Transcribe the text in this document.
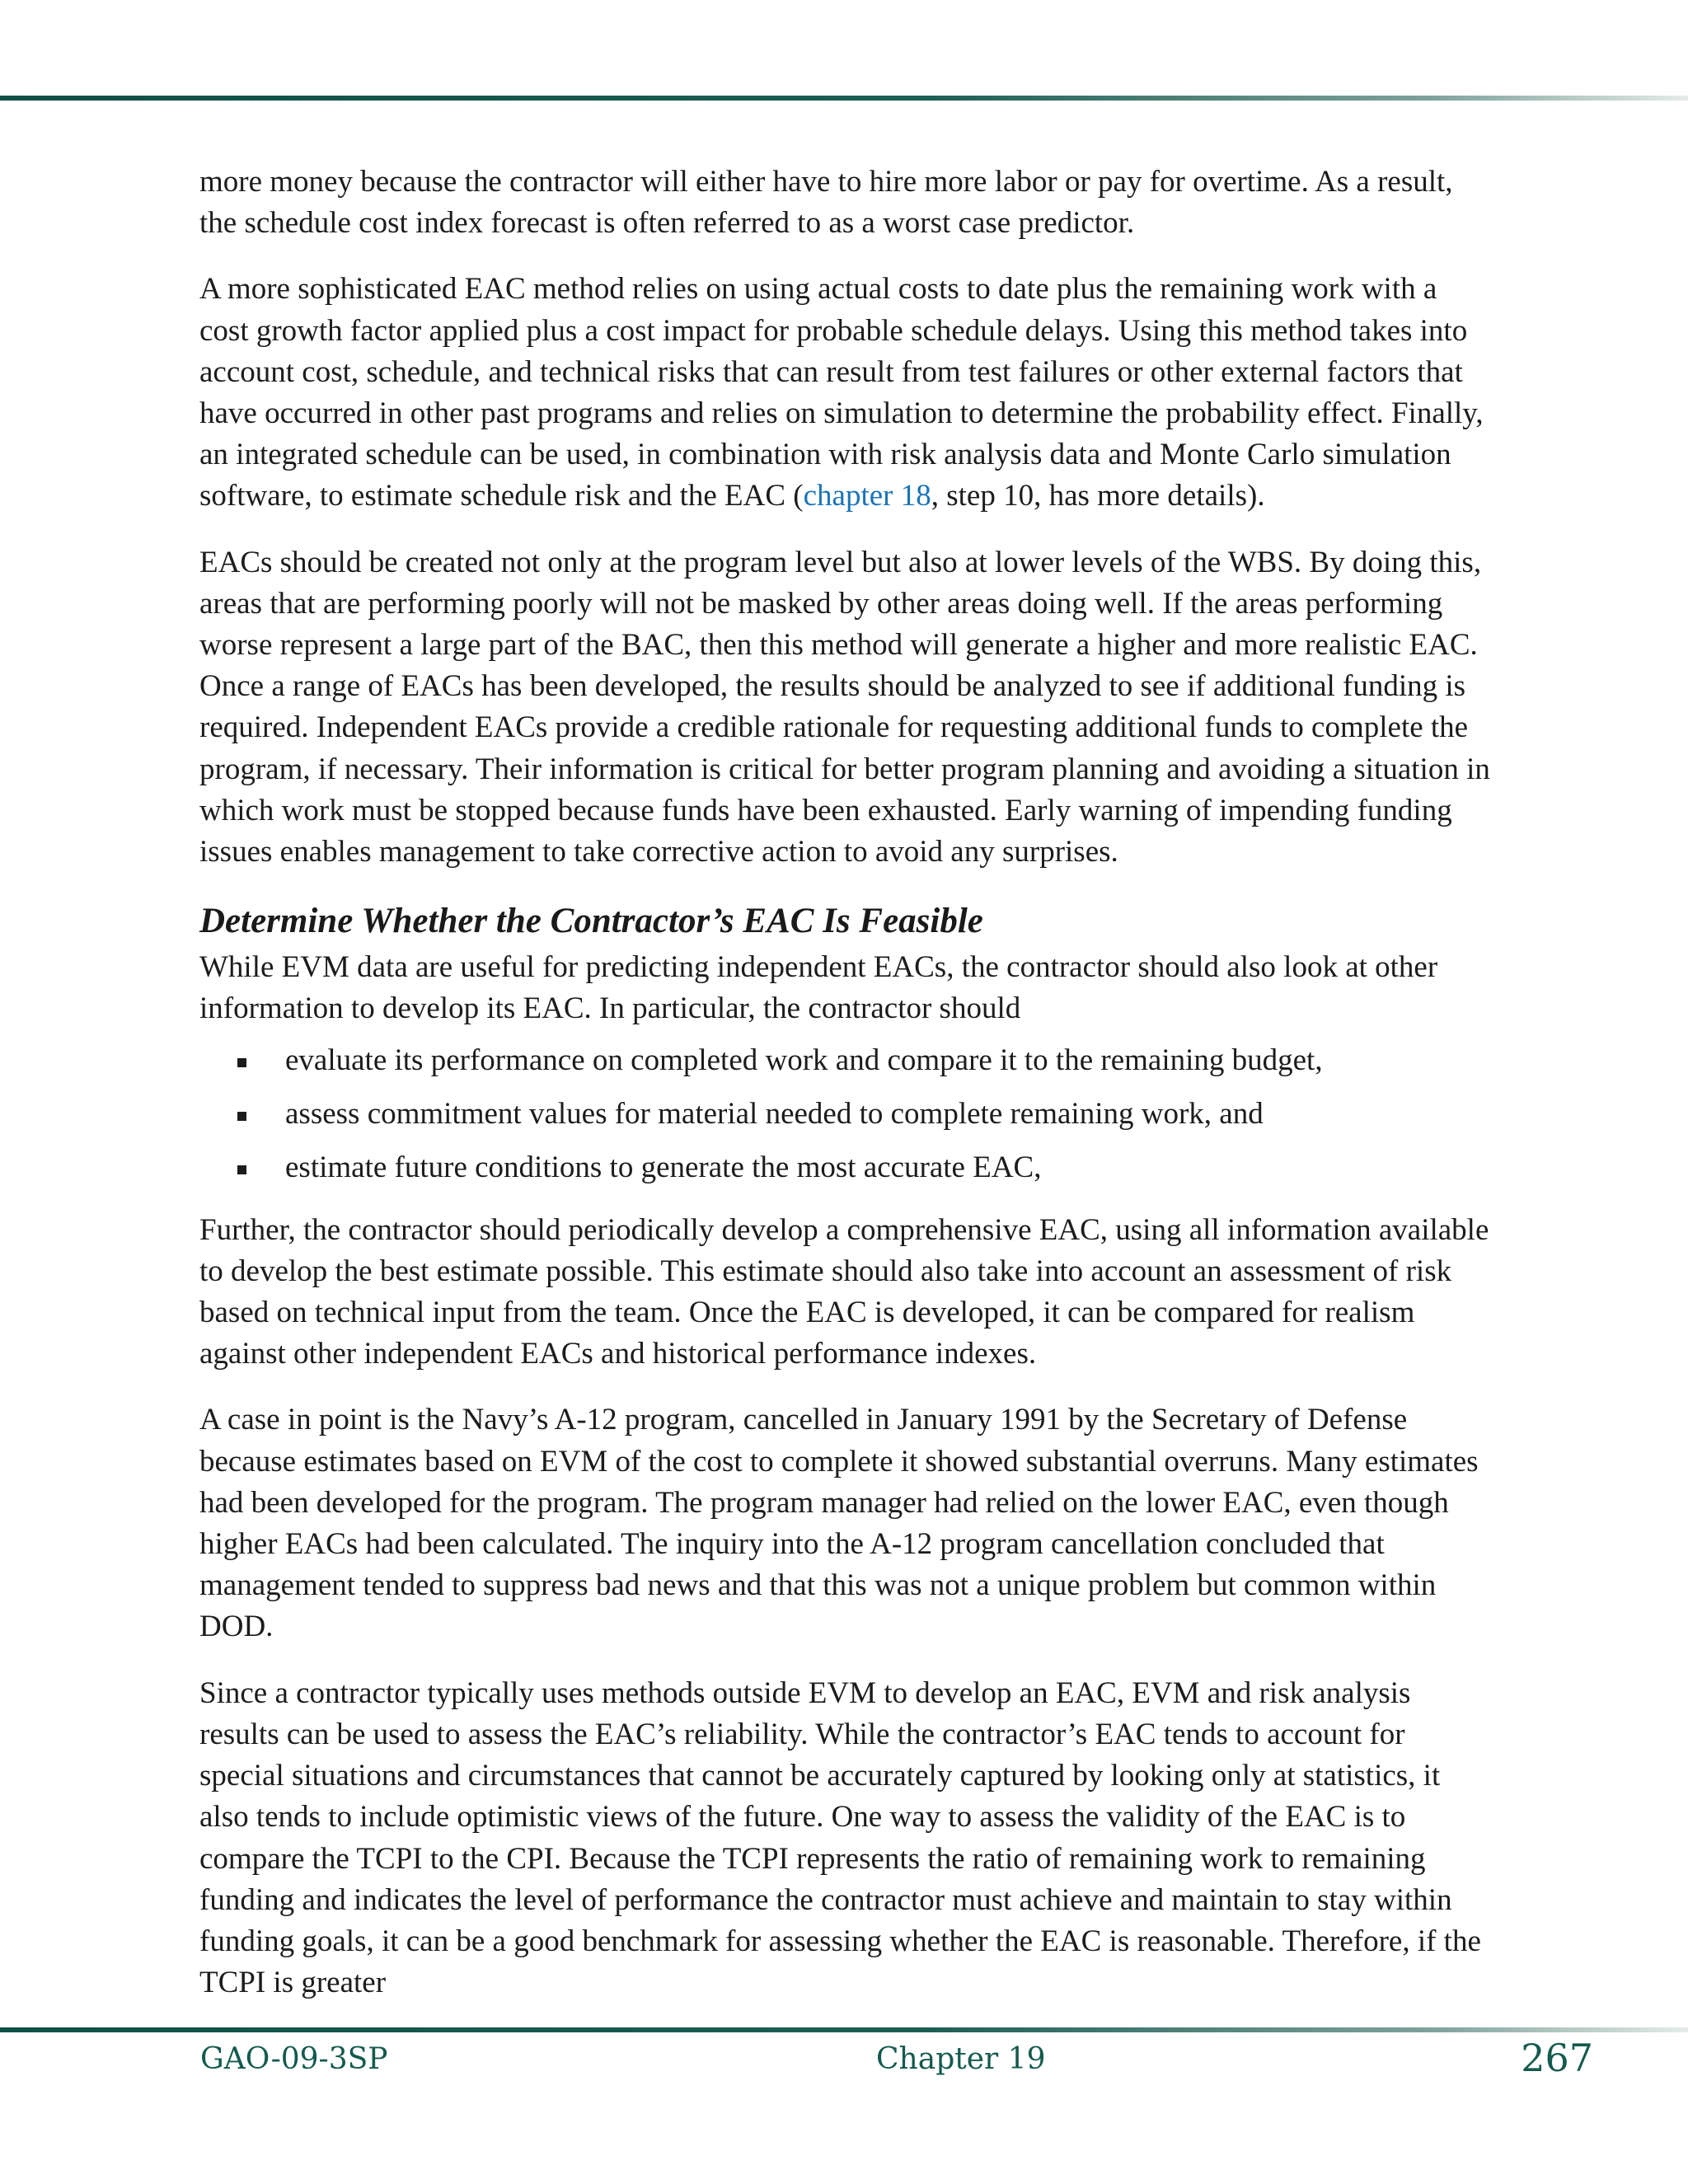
more money because the contractor will either have to hire more labor or pay for overtime. As a result, the schedule cost index forecast is often referred to as a worst case predictor.

A more sophisticated EAC method relies on using actual costs to date plus the remaining work with a cost growth factor applied plus a cost impact for probable schedule delays. Using this method takes into account cost, schedule, and technical risks that can result from test failures or other external factors that have occurred in other past programs and relies on simulation to determine the probability effect. Finally, an integrated schedule can be used, in combination with risk analysis data and Monte Carlo simulation software, to estimate schedule risk and the EAC (chapter 18, step 10, has more details).

EACs should be created not only at the program level but also at lower levels of the WBS. By doing this, areas that are performing poorly will not be masked by other areas doing well. If the areas performing worse represent a large part of the BAC, then this method will generate a higher and more realistic EAC. Once a range of EACs has been developed, the results should be analyzed to see if additional funding is required. Independent EACs provide a credible rationale for requesting additional funds to complete the program, if necessary. Their information is critical for better program planning and avoiding a situation in which work must be stopped because funds have been exhausted. Early warning of impending funding issues enables management to take corrective action to avoid any surprises.

Determine Whether the Contractor’s EAC Is Feasible

While EVM data are useful for predicting independent EACs, the contractor should also look at other information to develop its EAC. In particular, the contractor should

evaluate its performance on completed work and compare it to the remaining budget,
assess commitment values for material needed to complete remaining work, and
estimate future conditions to generate the most accurate EAC,

Further, the contractor should periodically develop a comprehensive EAC, using all information available to develop the best estimate possible. This estimate should also take into account an assessment of risk based on technical input from the team. Once the EAC is developed, it can be compared for realism against other independent EACs and historical performance indexes.

A case in point is the Navy’s A-12 program, cancelled in January 1991 by the Secretary of Defense because estimates based on EVM of the cost to complete it showed substantial overruns. Many estimates had been developed for the program. The program manager had relied on the lower EAC, even though higher EACs had been calculated. The inquiry into the A-12 program cancellation concluded that management tended to suppress bad news and that this was not a unique problem but common within DOD.

Since a contractor typically uses methods outside EVM to develop an EAC, EVM and risk analysis results can be used to assess the EAC’s reliability. While the contractor’s EAC tends to account for special situations and circumstances that cannot be accurately captured by looking only at statistics, it also tends to include optimistic views of the future. One way to assess the validity of the EAC is to compare the TCPI to the CPI. Because the TCPI represents the ratio of remaining work to remaining funding and indicates the level of performance the contractor must achieve and maintain to stay within funding goals, it can be a good benchmark for assessing whether the EAC is reasonable. Therefore, if the TCPI is greater

GAO-09-3SP	Chapter 19	267
